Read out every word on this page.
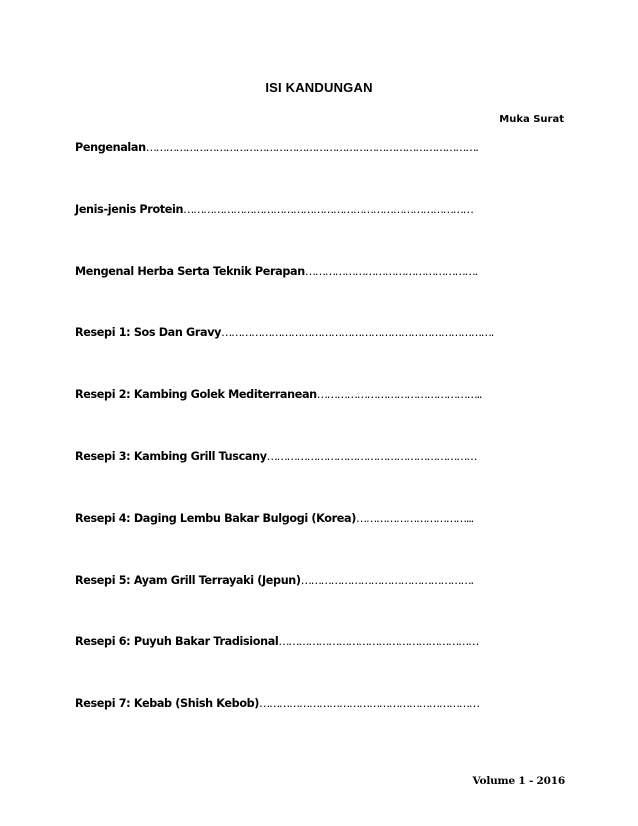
ISI KANDUNGAN
Muka Surat
Pengenalan……………………………………………………………………………………….
Jenis-jenis Protein……………………………………………………………………………
Mengenal Herba Serta Teknik Perapan…………………………………………….
Resepi 1: Sos Dan Gravy……………………………………………………………………….
Resepi 2: Kambing Golek Mediterranean…………………………………………..
Resepi 3: Kambing Grill Tuscany………………………………………………………
Resepi 4: Daging Lembu Bakar Bulgogi (Korea)……………………………...
Resepi 5: Ayam Grill Terrayaki (Jepun)…………………………………………….
Resepi 6: Puyuh Bakar Tradisional……………………………………………………
Resepi 7: Kebab (Shish Kebob)…………………………………………………………
Volume 1 - 2016
